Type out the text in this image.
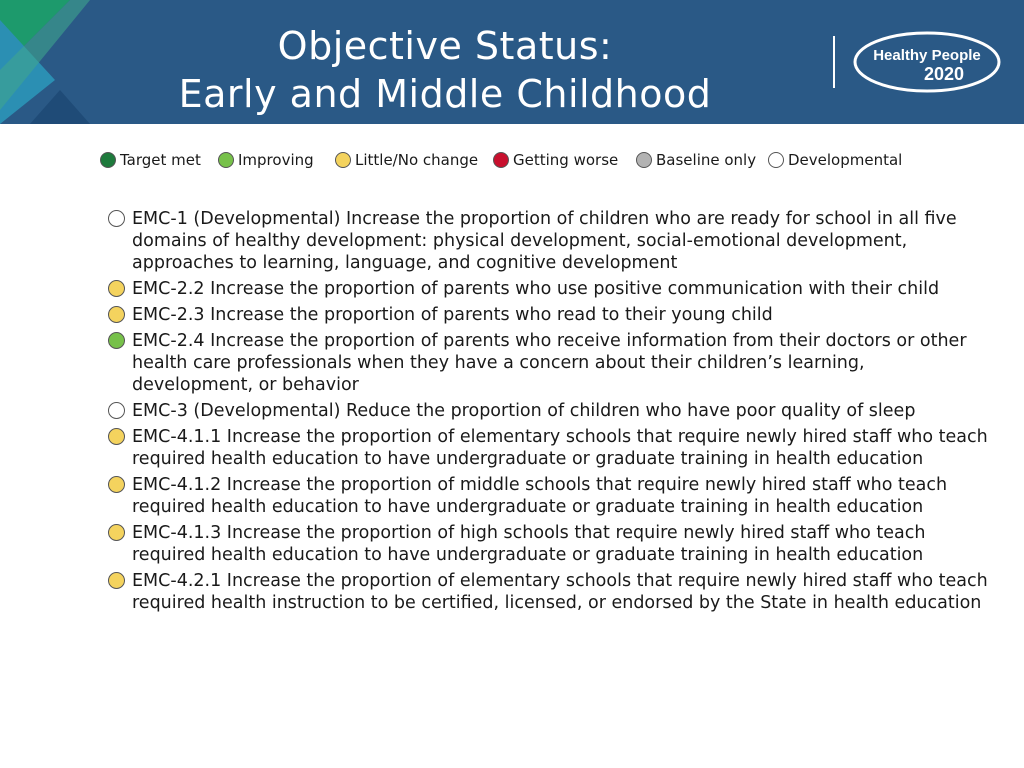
Objective Status:
Early and Middle Childhood
Healthy People
2020
Target met Improving	Little/No change Getting worse	Baseline only Developmental
EMC-1 (Developmental) Increase the proportion of children who are ready for school in all five domains of healthy development: physical development, social-emotional development, approaches to learning, language, and cognitive development
EMC-2.2 Increase the proportion of parents who use positive communication with their child
EMC-2.3 Increase the proportion of parents who read to their young child
EMC-2.4 Increase the proportion of parents who receive information from their doctors or other health care professionals when they have a concern about their children’s learning, development, or behavior
EMC-3 (Developmental) Reduce the proportion of children who have poor quality of sleep
EMC-4.1.1 Increase the proportion of elementary schools that require newly hired staff who teach required health education to have undergraduate or graduate training in health education
EMC-4.1.2 Increase the proportion of middle schools that require newly hired staff who teach required health education to have undergraduate or graduate training in health education
EMC-4.1.3 Increase the proportion of high schools that require newly hired staff who teach required health education to have undergraduate or graduate training in health education
EMC-4.2.1 Increase the proportion of elementary schools that require newly hired staff who teach required health instruction to be certified, licensed, or endorsed by the State in health education
